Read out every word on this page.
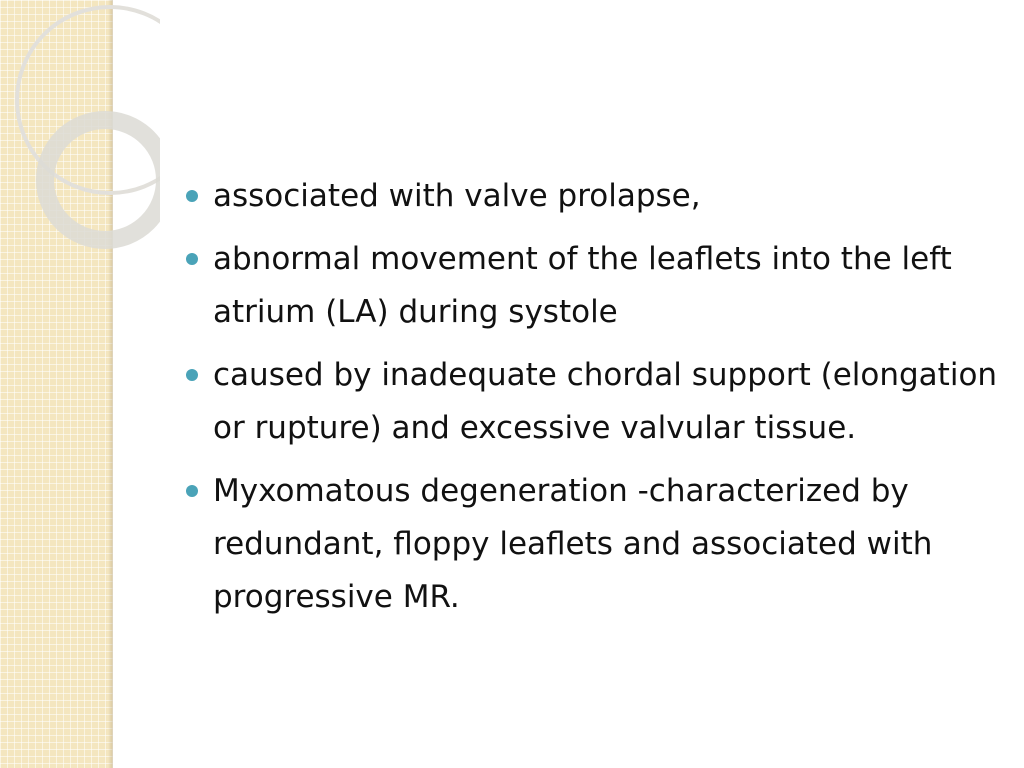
associated with valve prolapse,
abnormal movement of the leaflets into the left atrium (LA) during systole
caused by inadequate chordal support (elongation or rupture) and excessive valvular tissue.
Myxomatous degeneration -characterized by redundant, floppy leaflets and associated with progressive MR.
